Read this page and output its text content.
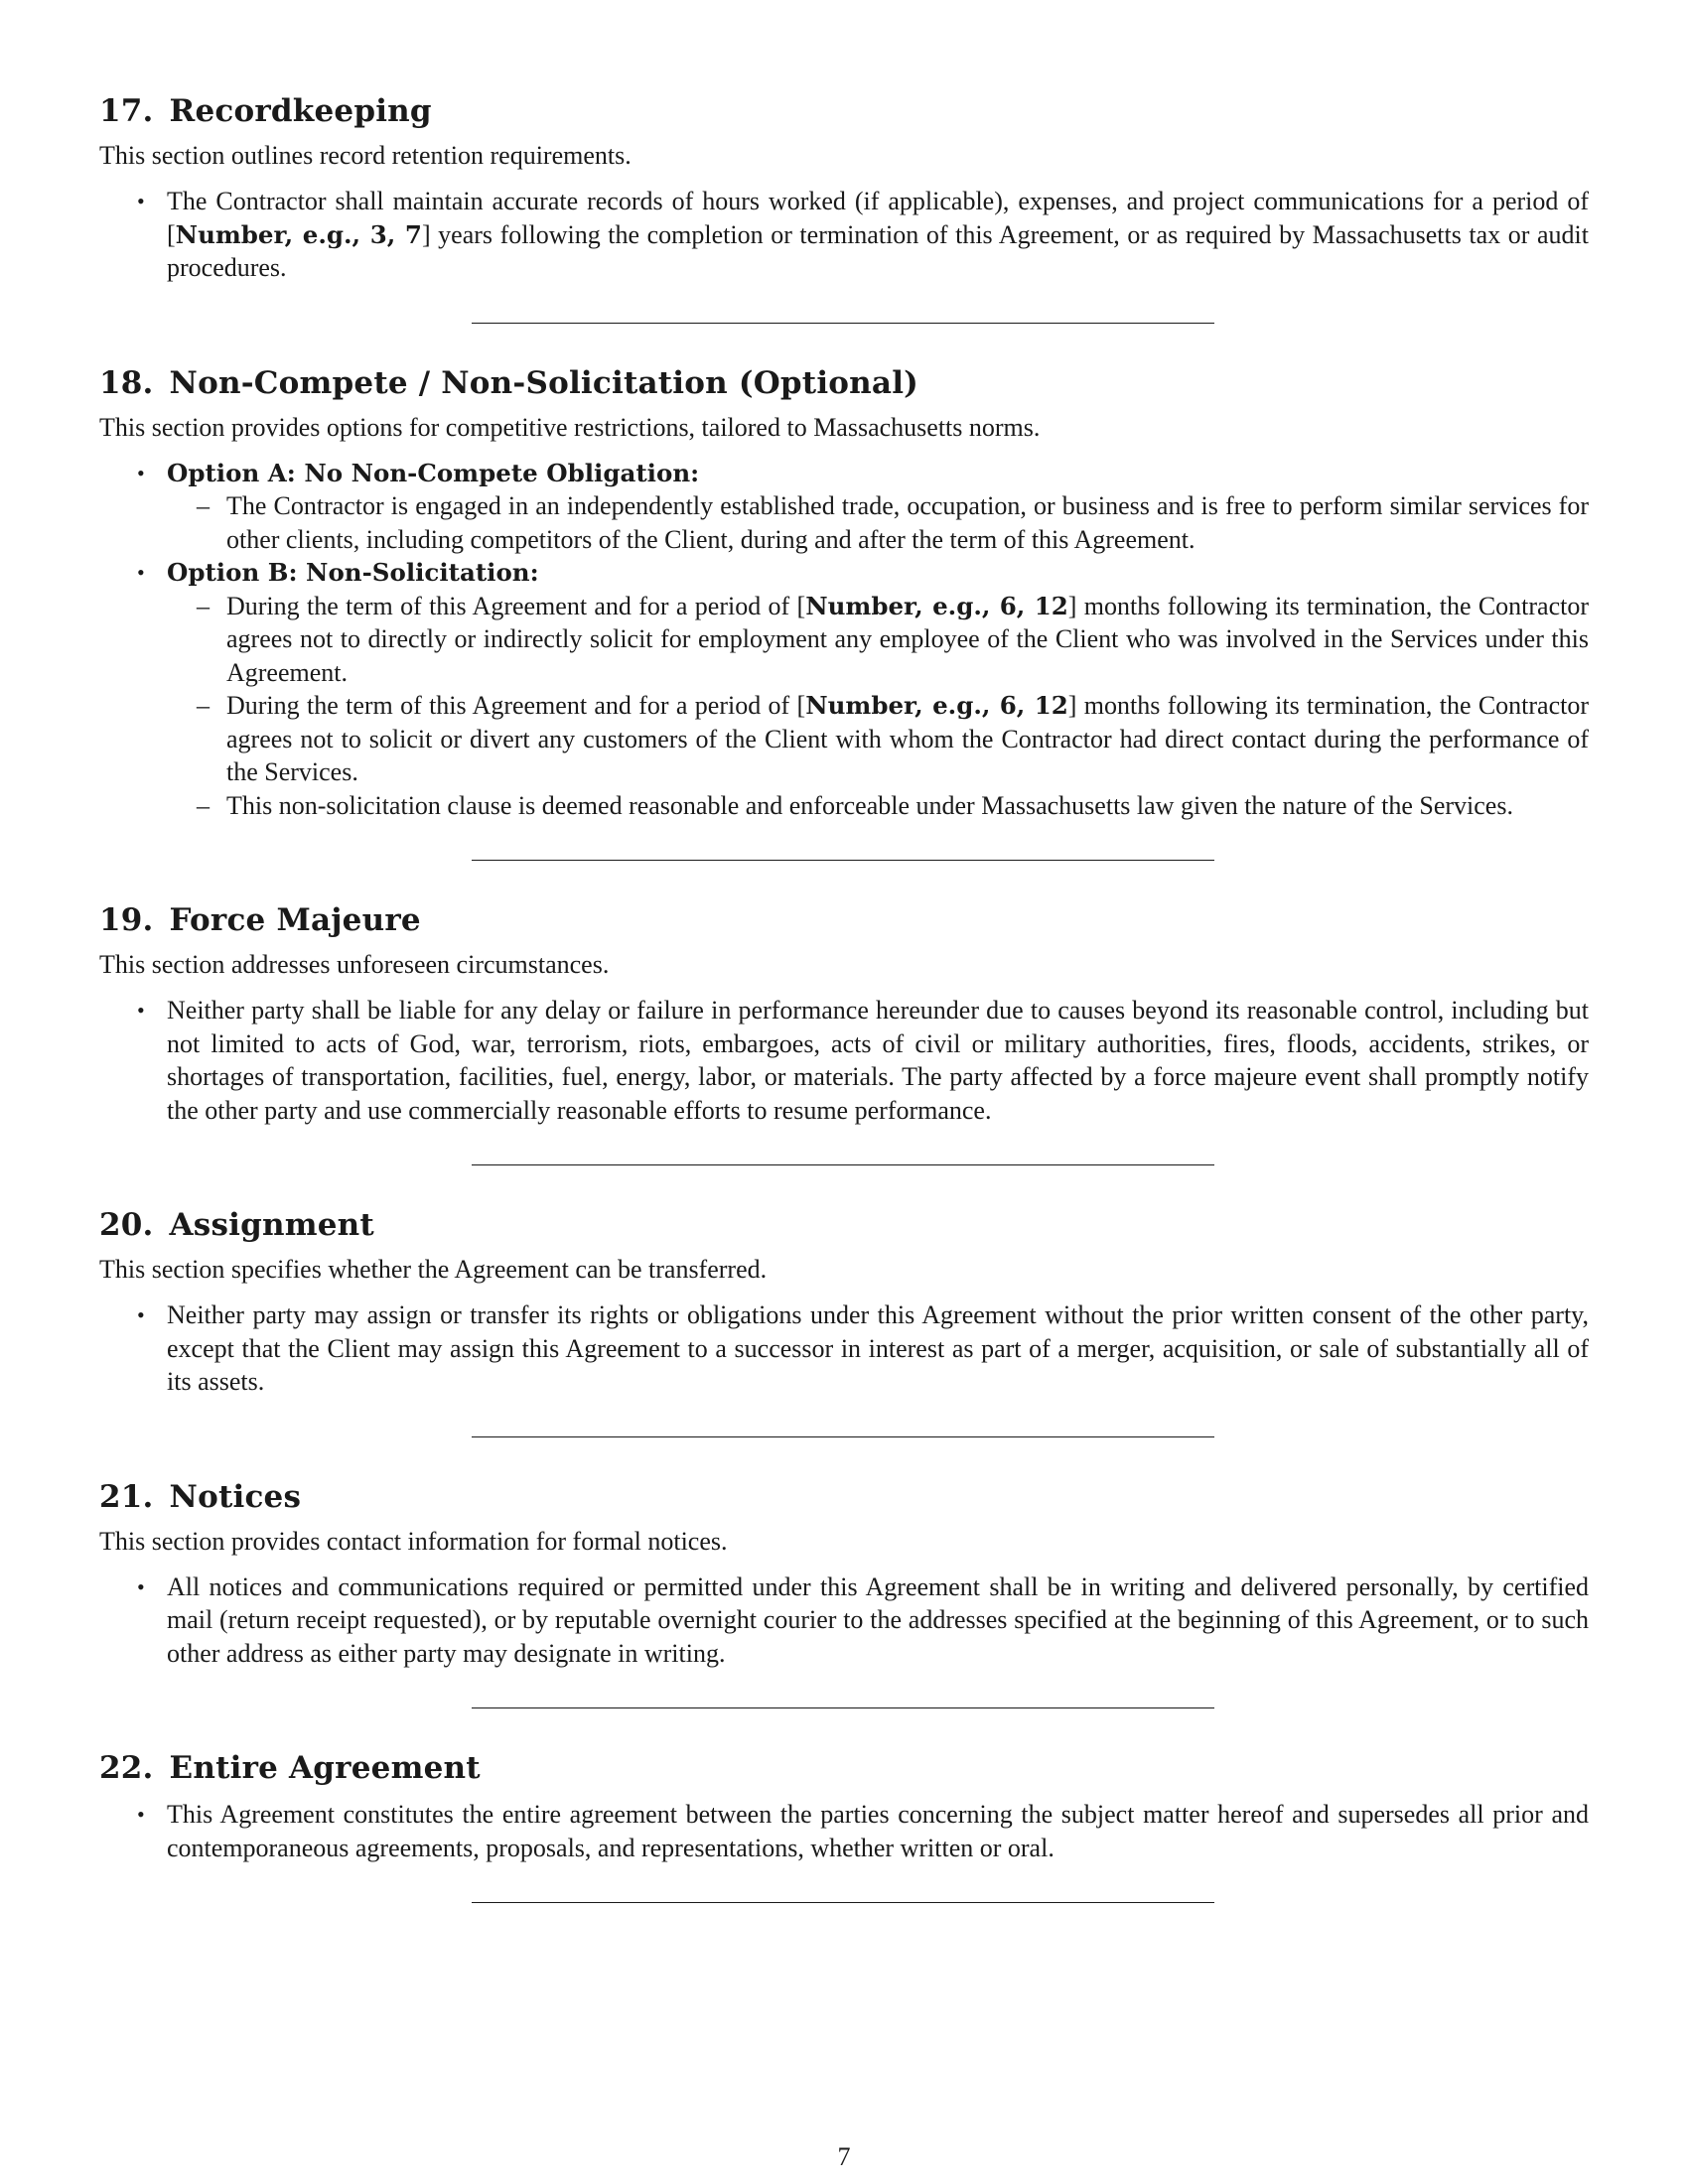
17. Recordkeeping

This section outlines record retention requirements.

• The Contractor shall maintain accurate records of hours worked (if applicable), expenses, and project communications for a period of [Number, e.g., 3, 7] years following the completion or termination of this Agreement, or as required by Massachusetts tax or audit procedures.
18. Non-Compete / Non-Solicitation (Optional)

This section provides options for competitive restrictions, tailored to Massachusetts norms.

• Option A: No Non-Compete Obligation:
– The Contractor is engaged in an independently established trade, occupation, or business and is free to perform similar services for other clients, including competitors of the Client, during and after the term of this Agreement.
• Option B: Non-Solicitation:
– During the term of this Agreement and for a period of [Number, e.g., 6, 12] months following its termination, the Contractor agrees not to directly or indirectly solicit for employment any employee of the Client who was involved in the Services under this Agreement.
– During the term of this Agreement and for a period of [Number, e.g., 6, 12] months following its termination, the Contractor agrees not to solicit or divert any customers of the Client with whom the Contractor had direct contact during the performance of the Services.
– This non-solicitation clause is deemed reasonable and enforceable under Massachusetts law given the nature of the Services.
19. Force Majeure

This section addresses unforeseen circumstances.

• Neither party shall be liable for any delay or failure in performance hereunder due to causes beyond its reasonable control, including but not limited to acts of God, war, terrorism, riots, embargoes, acts of civil or military authorities, fires, floods, accidents, strikes, or shortages of transportation, facilities, fuel, energy, labor, or materials. The party affected by a force majeure event shall promptly notify the other party and use commercially reasonable efforts to resume performance.
20. Assignment

This section specifies whether the Agreement can be transferred.

• Neither party may assign or transfer its rights or obligations under this Agreement without the prior written consent of the other party, except that the Client may assign this Agreement to a successor in interest as part of a merger, acquisition, or sale of substantially all of its assets.
21. Notices

This section provides contact information for formal notices.

• All notices and communications required or permitted under this Agreement shall be in writing and delivered personally, by certified mail (return receipt requested), or by reputable overnight courier to the addresses specified at the beginning of this Agreement, or to such other address as either party may designate in writing.
22. Entire Agreement
• This Agreement constitutes the entire agreement between the parties concerning the subject matter hereof and supersedes all prior and contemporaneous agreements, proposals, and representations, whether written or oral.
7
